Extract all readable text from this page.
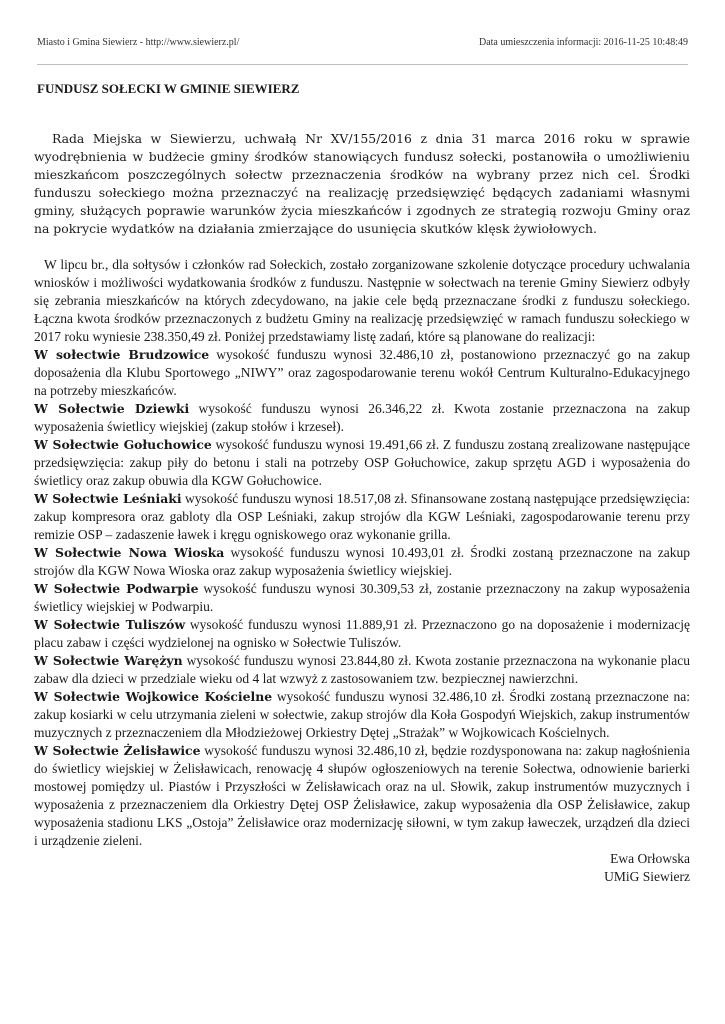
Miasto i Gmina Siewierz - http://www.siewierz.pl/	Data umieszczenia informacji: 2016-11-25 10:48:49
FUNDUSZ SOŁECKI W GMINIE SIEWIERZ

Rada Miejska w Siewierzu, uchwałą Nr XV/155/2016 z dnia 31 marca 2016 roku w sprawie wyodrębnienia w budżecie gminy środków stanowiących fundusz sołecki, postanowiła o umożliwieniu mieszkańcom poszczególnych sołectw przeznaczenia środków na wybrany przez nich cel. Środki funduszu sołeckiego można przeznaczyć na realizację przedsięwzięć będących zadaniami własnymi gminy, służących poprawie warunków życia mieszkańców i zgodnych ze strategią rozwoju Gminy oraz na pokrycie wydatków na działania zmierzające do usunięcia skutków klęsk żywiołowych.

W lipcu br., dla sołtysów i członków rad Sołeckich, zostało zorganizowane szkolenie dotyczące procedury uchwalania wniosków i możliwości wydatkowania środków z funduszu. Następnie w sołectwach na terenie Gminy Siewierz odbyły się zebrania mieszkańców na których zdecydowano, na jakie cele będą przeznaczane środki z funduszu sołeckiego. Łączna kwota środków przeznaczonych z budżetu Gminy na realizację przedsięwzięć w ramach funduszu sołeckiego w 2017 roku wyniesie 238.350,49 zł. Poniżej przedstawiamy listę zadań, które są planowane do realizacji:

W sołectwie Brudzowice wysokość funduszu wynosi 32.486,10 zł, postanowiono przeznaczyć go na zakup doposażenia dla Klubu Sportowego „NIWY” oraz zagospodarowanie terenu wokół Centrum Kulturalno-Edukacyjnego na potrzeby mieszkańców.

W Sołectwie Dziewki wysokość funduszu wynosi 26.346,22 zł. Kwota zostanie przeznaczona na zakup wyposażenia świetlicy wiejskiej (zakup stołów i krzeseł).

W Sołectwie Gołuchowice wysokość funduszu wynosi 19.491,66 zł. Z funduszu zostaną zrealizowane następujące przedsięwzięcia: zakup piły do betonu i stali na potrzeby OSP Gołuchowice, zakup sprzętu AGD i wyposażenia do świetlicy oraz zakup obuwia dla KGW Gołuchowice.

W Sołectwie Leśniaki wysokość funduszu wynosi 18.517,08 zł. Sfinansowane zostaną następujące przedsięwzięcia: zakup kompresora oraz gabloty dla OSP Leśniaki, zakup strojów dla KGW Leśniaki, zagospodarowanie terenu przy remizie OSP – zadaszenie ławek i kręgu ogniskowego oraz wykonanie grilla.

W Sołectwie Nowa Wioska wysokość funduszu wynosi 10.493,01 zł. Środki zostaną przeznaczone na zakup strojów dla KGW Nowa Wioska oraz zakup wyposażenia świetlicy wiejskiej.

W Sołectwie Podwarpie wysokość funduszu wynosi 30.309,53 zł, zostanie przeznaczony na zakup wyposażenia świetlicy wiejskiej w Podwarpiu.

W Sołectwie Tuliszów wysokość funduszu wynosi 11.889,91 zł. Przeznaczono go na doposażenie i modernizację placu zabaw i części wydzielonej na ognisko w Sołectwie Tuliszów.

W Sołectwie Warężyn wysokość funduszu wynosi 23.844,80 zł. Kwota zostanie przeznaczona na wykonanie placu zabaw dla dzieci w przedziale wieku od 4 lat wzwyż z zastosowaniem tzw. bezpiecznej nawierzchni.

W Sołectwie Wojkowice Kościelne wysokość funduszu wynosi 32.486,10 zł. Środki zostaną przeznaczone na: zakup kosiarki w celu utrzymania zieleni w sołectwie, zakup strojów dla Koła Gospodyń Wiejskich, zakup instrumentów muzycznych z przeznaczeniem dla Młodzieżowej Orkiestry Dętej „Strażak” w Wojkowicach Kościelnych.

W Sołectwie Żelisławice wysokość funduszu wynosi 32.486,10 zł, będzie rozdysponowana na: zakup nagłośnienia do świetlicy wiejskiej w Żelisławicach, renowację 4 słupów ogłoszeniowych na terenie Sołectwa, odnowienie barierki mostowej pomiędzy ul. Piastów i Przyszłości w Żelisławicach oraz na ul. Słowik, zakup instrumentów muzycznych i wyposażenia z przeznaczeniem dla Orkiestry Dętej OSP Żelisławice, zakup wyposażenia dla OSP Żelisławice, zakup wyposażenia stadionu LKS „Ostoja” Żelisławice oraz modernizację siłowni, w tym zakup ławeczek, urządzeń dla dzieci i urządzenie zieleni.

Ewa Orłowska

UMiG Siewierz
